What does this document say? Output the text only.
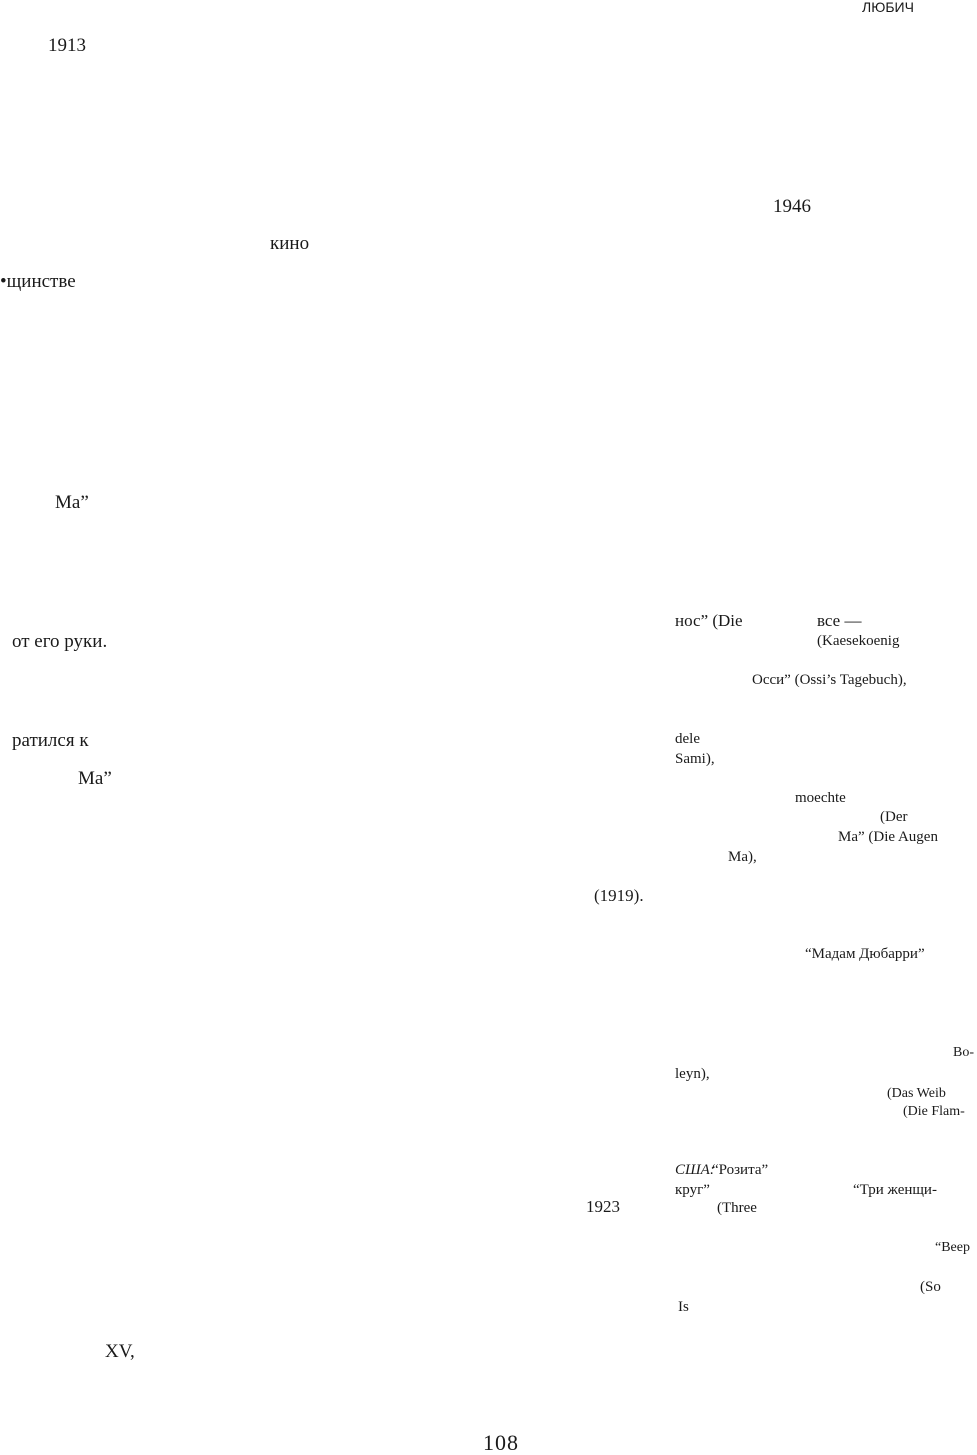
ЛЮБИЧ
1913
кино
•щинстве
Ма”
от его руки.
ратился к
Ма”
XV,
1946
нос” (Die	все —
(Kaesekoenig
Осси” (Ossi’s Tagebuch),
dele
Sami),
moechte
(Der
Ма” (Die Augen
Ма),
(1919).
“Мадам Дюбарри”
Bo-
leyn),
(Das Weib
(Die Flam-
США:
“Розита”
круг”	“Три женщи-
1923	(Three
“Веер
(So
Is
108
